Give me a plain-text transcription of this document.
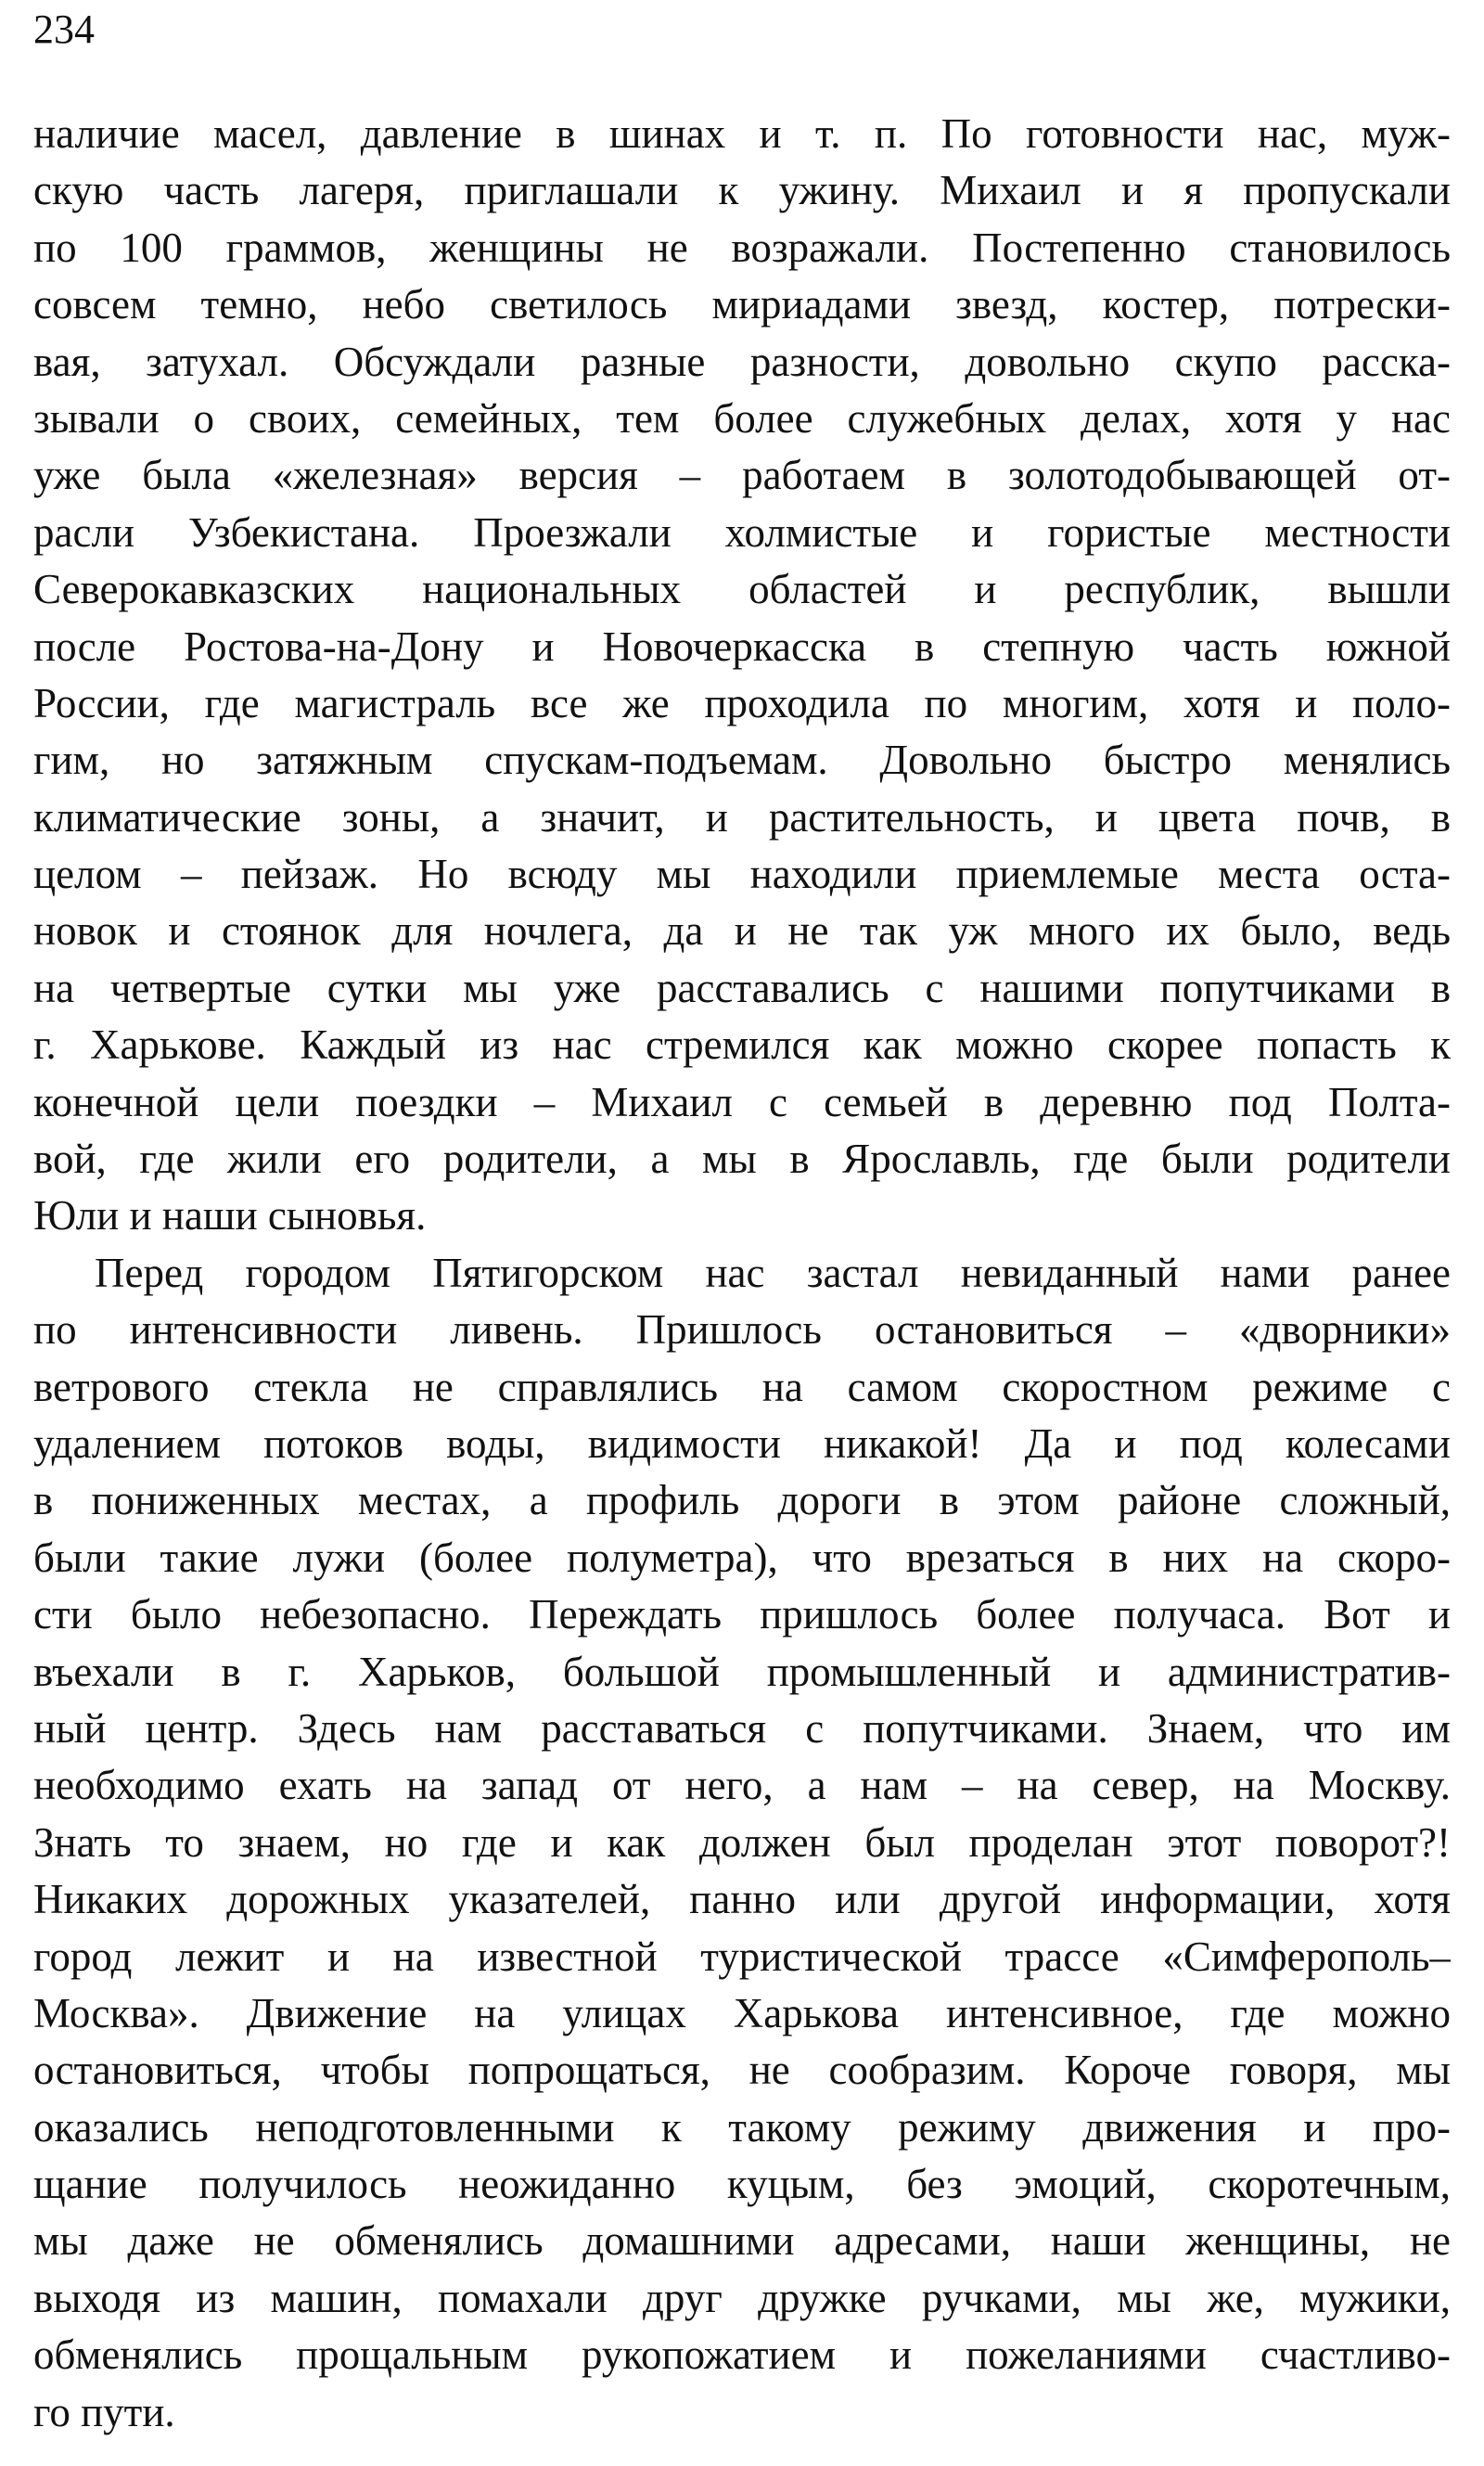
234
наличие масел, давление в шинах и т. п. По готовности нас, муж-
скую часть лагеря, приглашали к ужину. Михаил и я пропускали
по 100 граммов, женщины не возражали. Постепенно становилось
совсем темно, небо светилось мириадами звезд, костер, потрески-
вая, затухал. Обсуждали разные разности, довольно скупо расска-
зывали о своих, семейных, тем более служебных делах, хотя у нас
уже была «железная» версия – работаем в золотодобывающей от-
расли Узбекистана. Проезжали холмистые и гористые местности
Северокавказских национальных областей и республик, вышли
после Ростова-на-Дону и Новочеркасска в степную часть южной
России, где магистраль все же проходила по многим, хотя и поло-
гим, но затяжным спускам-подъемам. Довольно быстро менялись
климатические зоны, а значит, и растительность, и цвета почв, в
целом – пейзаж. Но всюду мы находили приемлемые места оста-
новок и стоянок для ночлега, да и не так уж много их было, ведь
на четвертые сутки мы уже расставались с нашими попутчиками в
г. Харькове. Каждый из нас стремился как можно скорее попасть к
конечной цели поездки – Михаил с семьей в деревню под Полта-
вой, где жили его родители, а мы в Ярославль, где были родители
Юли и наши сыновья.
Перед городом Пятигорском нас застал невиданный нами ранее
по интенсивности ливень. Пришлось остановиться – «дворники»
ветрового стекла не справлялись на самом скоростном режиме с
удалением потоков воды, видимости никакой! Да и под колесами
в пониженных местах, а профиль дороги в этом районе сложный,
были такие лужи (более полуметра), что врезаться в них на скоро-
сти было небезопасно. Переждать пришлось более получаса. Вот и
въехали в г. Харьков, большой промышленный и административ-
ный центр. Здесь нам расставаться с попутчиками. Знаем, что им
необходимо ехать на запад от него, а нам – на север, на Москву.
Знать то знаем, но где и как должен был проделан этот поворот?!
Никаких дорожных указателей, панно или другой информации, хотя
город лежит и на известной туристической трассе «Симферополь–
Москва». Движение на улицах Харькова интенсивное, где можно
остановиться, чтобы попрощаться, не сообразим. Короче говоря, мы
оказались неподготовленными к такому режиму движения и про-
щание получилось неожиданно куцым, без эмоций, скоротечным,
мы даже не обменялись домашними адресами, наши женщины, не
выходя из машин, помахали друг дружке ручками, мы же, мужики,
обменялись прощальным рукопожатием и пожеланиями счастливо-
го пути.
